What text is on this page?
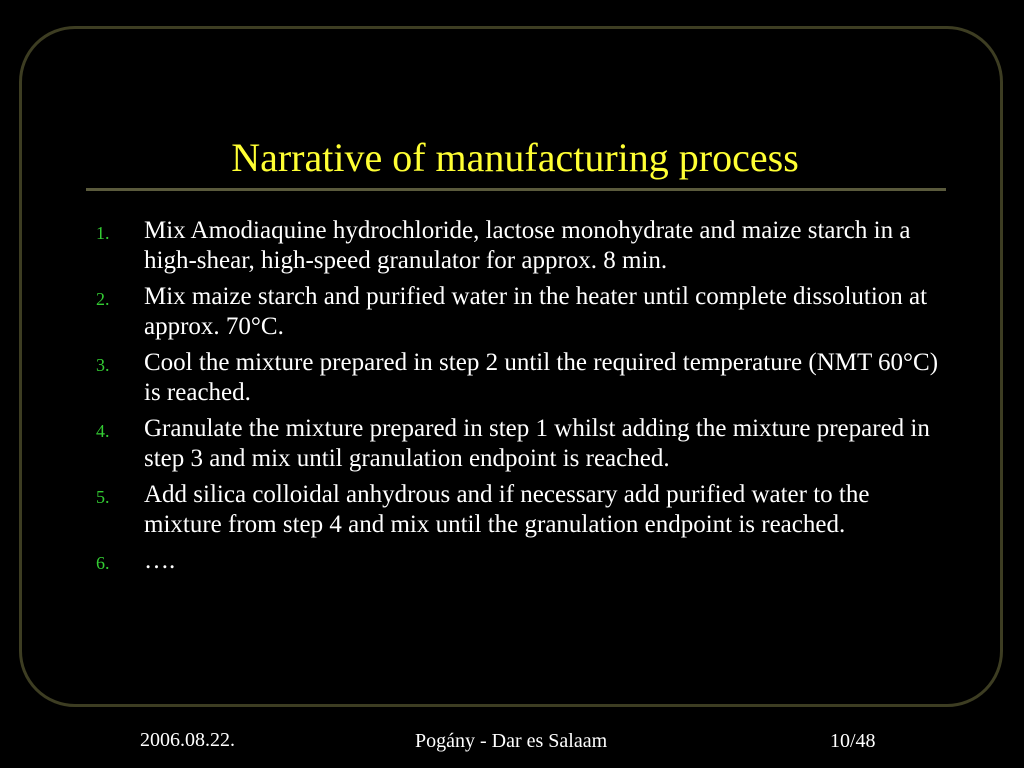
Narrative of manufacturing process
1. Mix Amodiaquine hydrochloride, lactose monohydrate and maize starch in a high-shear, high-speed granulator for approx. 8 min.
2. Mix maize starch and purified water in the heater until complete dissolution at approx. 70°C.
3. Cool the mixture prepared in step 2 until the required temperature (NMT 60°C) is reached.
4. Granulate the mixture prepared in step 1 whilst adding the mixture prepared in step 3 and mix until granulation endpoint is reached.
5. Add silica colloidal anhydrous and if necessary add purified water to the mixture from step 4 and mix until the granulation endpoint is reached.
6. ….
2006.08.22.	Pogány - Dar es Salaam	10/48
